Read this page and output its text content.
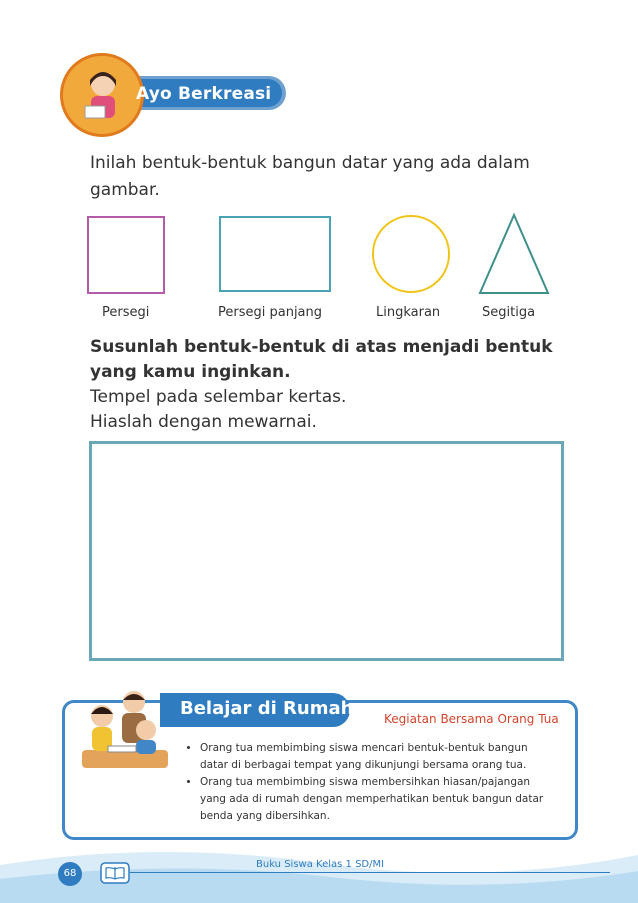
Ayo Berkreasi
Inilah bentuk-bentuk bangun datar yang ada dalam gambar.
Persegi	Persegi panjang	Lingkaran	Segitiga
Susunlah bentuk-bentuk di atas menjadi bentuk yang kamu inginkan.
Tempel pada selembar kertas.
Hiaslah dengan mewarnai.
Belajar di Rumah	Kegiatan Bersama Orang Tua
• Orang tua membimbing siswa mencari bentuk-bentuk bangun datar di berbagai tempat yang dikunjungi bersama orang tua.
• Orang tua membimbing siswa membersihkan hiasan/pajangan yang ada di rumah dengan memperhatikan bentuk bangun datar benda yang dibersihkan.
68
Buku Siswa Kelas 1 SD/MI
